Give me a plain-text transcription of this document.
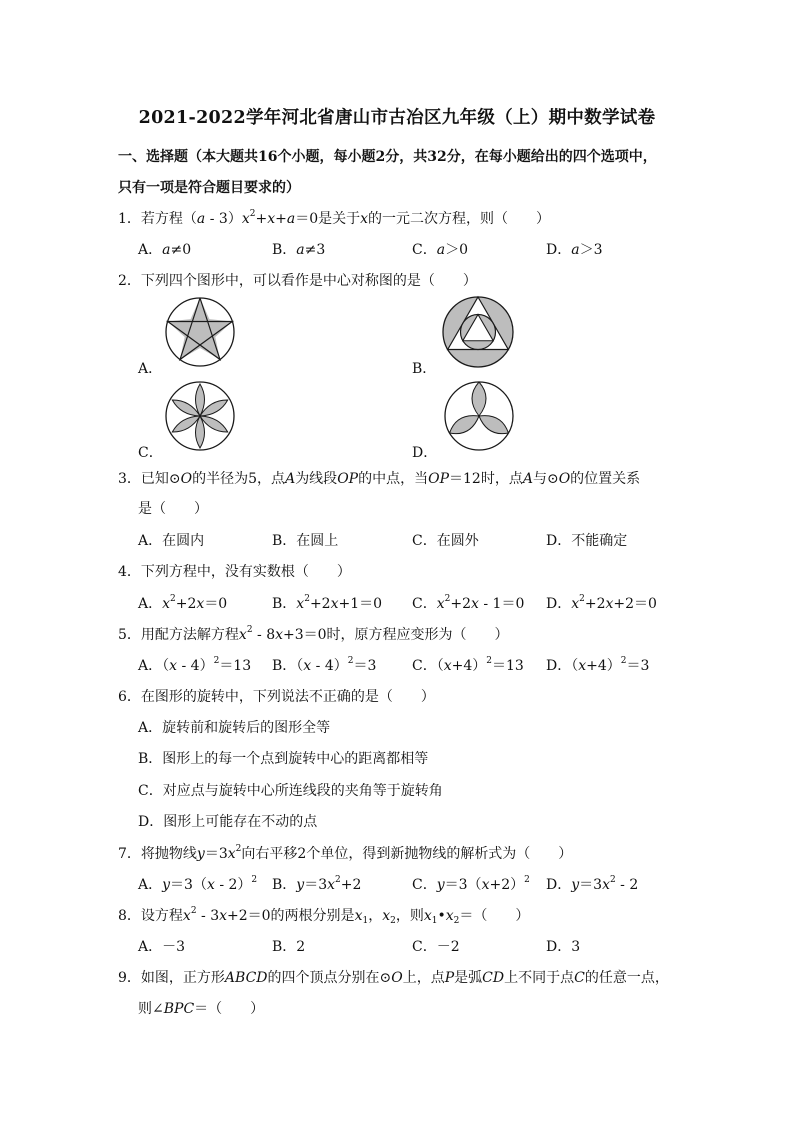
2021-2022学年河北省唐山市古冶区九年级（上）期中数学试卷
一、选择题（本大题共16个小题，每小题2分，共32分，在每小题给出的四个选项中，
只有一项是符合题目要求的）
1．若方程$(a - 3)x^2+x+a=0$是关于x的一元二次方程，则（　　）
A．a≠0	B．a≠3	C．a＞0	D．a＞3
2．下列四个图形中，可以看作是中心对称图的是（　　）
A．	B．
C．	D．
3．已知⊙O的半径为5，点A为线段OP的中点，当OP＝12时，点A与⊙O的位置关系
是（　　）
A．在圆内	B．在圆上	C．在圆外	D．不能确定
4．下列方程中，没有实数根（　　）
A．$x^2+2x=0$	B．$x^2+2x+1=0$ C．$x^2+2x - 1=0$ D．$x^2+2x+2=0$
5．用配方法解方程$x^2 - 8x+3=0$时，原方程应变形为（　　）
A．（x - 4）$^2$＝13 B．（x - 4）$^2$＝3	C．$(x+4)^2=13$ D．$(x+4)^2=3$
6．在图形的旋转中，下列说法不正确的是（　　）
A．旋转前和旋转后的图形全等
B．图形上的每一个点到旋转中心的距离都相等
C．对应点与旋转中心所连线段的夹角等于旋转角
D．图形上可能存在不动的点
7．将抛物线$y=3x^2$向右平移2个单位，得到新抛物线的解析式为（　　）
A．y＝3（x - 2）$^2$ B．$y=3x^2+2$	C．$y=3(x+2)^2$ D．$y=3x^2 - 2$
8．设方程$x^2 - 3x+2=0$的两根分别是$x_1$，$x_2$，则$x_1•x_2=$（　　）
A．－3	B．2	C．－2	D．3
9．如图，正方形ABCD的四个顶点分别在⊙O上，点P是弧CD上不同于点C的任意一点，
则∠BPC＝（　　）
